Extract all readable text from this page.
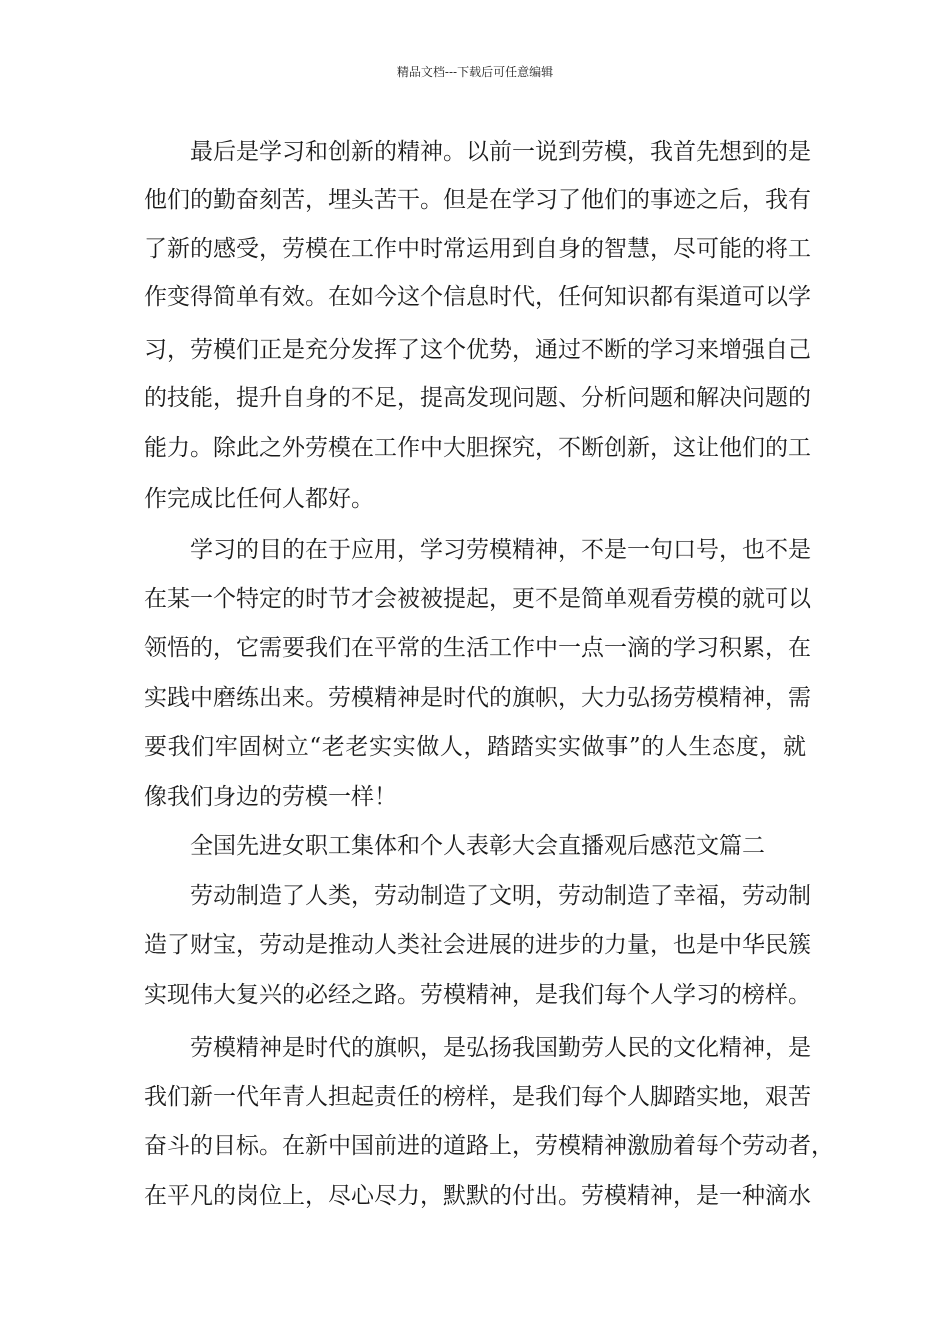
精品文档---下载后可任意编辑
最后是学习和创新的精神。以前一说到劳模，我首先想到的是
他们的勤奋刻苦，埋头苦干。但是在学习了他们的事迹之后，我有
了新的感受，劳模在工作中时常运用到自身的智慧，尽可能的将工
作变得简单有效。在如今这个信息时代，任何知识都有渠道可以学
习，劳模们正是充分发挥了这个优势，通过不断的学习来增强自己
的技能，提升自身的不足，提高发现问题、分析问题和解决问题的
能力。除此之外劳模在工作中大胆探究，不断创新，这让他们的工
作完成比任何人都好。
学习的目的在于应用，学习劳模精神，不是一句口号，也不是
在某一个特定的时节才会被被提起，更不是简单观看劳模的就可以
领悟的，它需要我们在平常的生活工作中一点一滴的学习积累，在
实践中磨练出来。劳模精神是时代的旗帜，大力弘扬劳模精神，需
要我们牢固树立“老老实实做人，踏踏实实做事”的人生态度，就
像我们身边的劳模一样！
全国先进女职工集体和个人表彰大会直播观后感范文篇二
劳动制造了人类，劳动制造了文明，劳动制造了幸福，劳动制
造了财宝，劳动是推动人类社会进展的进步的力量，也是中华民簇
实现伟大复兴的必经之路。劳模精神，是我们每个人学习的榜样。
劳模精神是时代的旗帜，是弘扬我国勤劳人民的文化精神，是
我们新一代年青人担起责任的榜样，是我们每个人脚踏实地，艰苦
奋斗的目标。在新中国前进的道路上，劳模精神激励着每个劳动者，
在平凡的岗位上，尽心尽力，默默的付出。劳模精神，是一种滴水
